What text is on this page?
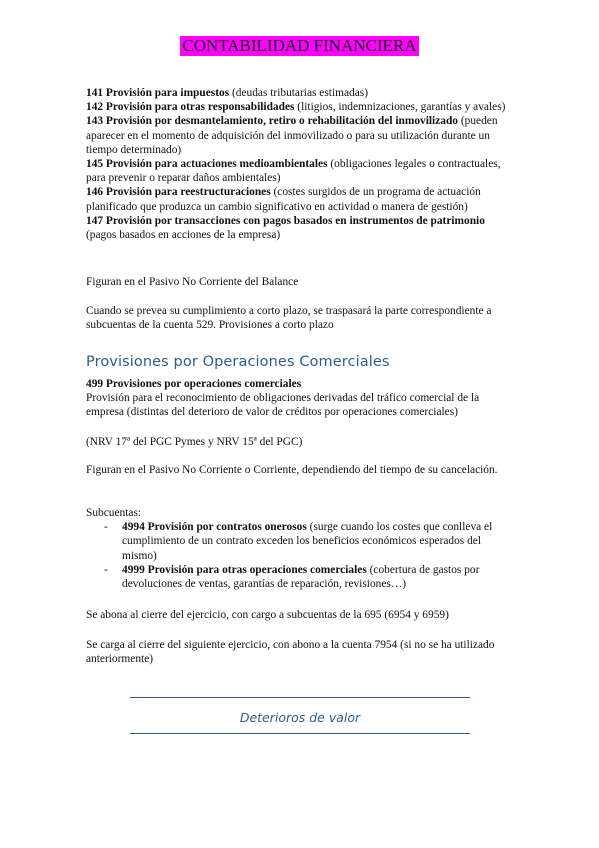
CONTABILIDAD FINANCIERA

141 Provisión para impuestos (deudas tributarias estimadas)

142 Provisión para otras responsabilidades (litigios, indemnizaciones, garantías y avales)

143 Provisión por desmantelamiento, retiro o rehabilitación del inmovilizado (pueden aparecer en el momento de adquisición del inmovilizado o para su utilización durante un tiempo determinado)

145 Provisión para actuaciones medioambientales (obligaciones legales o contractuales, para prevenir o reparar daños ambientales)

146 Provisión para reestructuraciones (costes surgidos de un programa de actuación planificado que produzca un cambio significativo en actividad o manera de gestión)

147 Provisión por transacciones con pagos basados en instrumentos de patrimonio (pagos basados en acciones de la empresa)

Figuran en el Pasivo No Corriente del Balance

Cuando se prevea su cumplimiento a corto plazo, se traspasará la parte correspondiente a subcuentas de la cuenta 529. Provisiones a corto plazo

Provisiones por Operaciones Comerciales

499 Provisiones por operaciones comerciales

Provisión para el reconocimiento de obligaciones derivadas del tráfico comercial de la empresa (distintas del deterioro de valor de créditos por operaciones comerciales)

(NRV 17ª del PGC Pymes y NRV 15ª del PGC)

Figuran en el Pasivo No Corriente o Corriente, dependiendo del tiempo de su cancelación.

Subcuentas:

- 4994 Provisión por contratos onerosos (surge cuando los costes que conlleva el cumplimiento de un contrato exceden los beneficios económicos esperados del mismo)
- 4999 Provisión para otras operaciones comerciales (cobertura de gastos por devoluciones de ventas, garantías de reparación, revisiones…)

Se abona al cierre del ejercicio, con cargo a subcuentas de la 695 (6954 y 6959)

Se carga al cierre del siguiente ejercicio, con abono a la cuenta 7954 (si no se ha utilizado anteriormente)

Deterioros de valor
